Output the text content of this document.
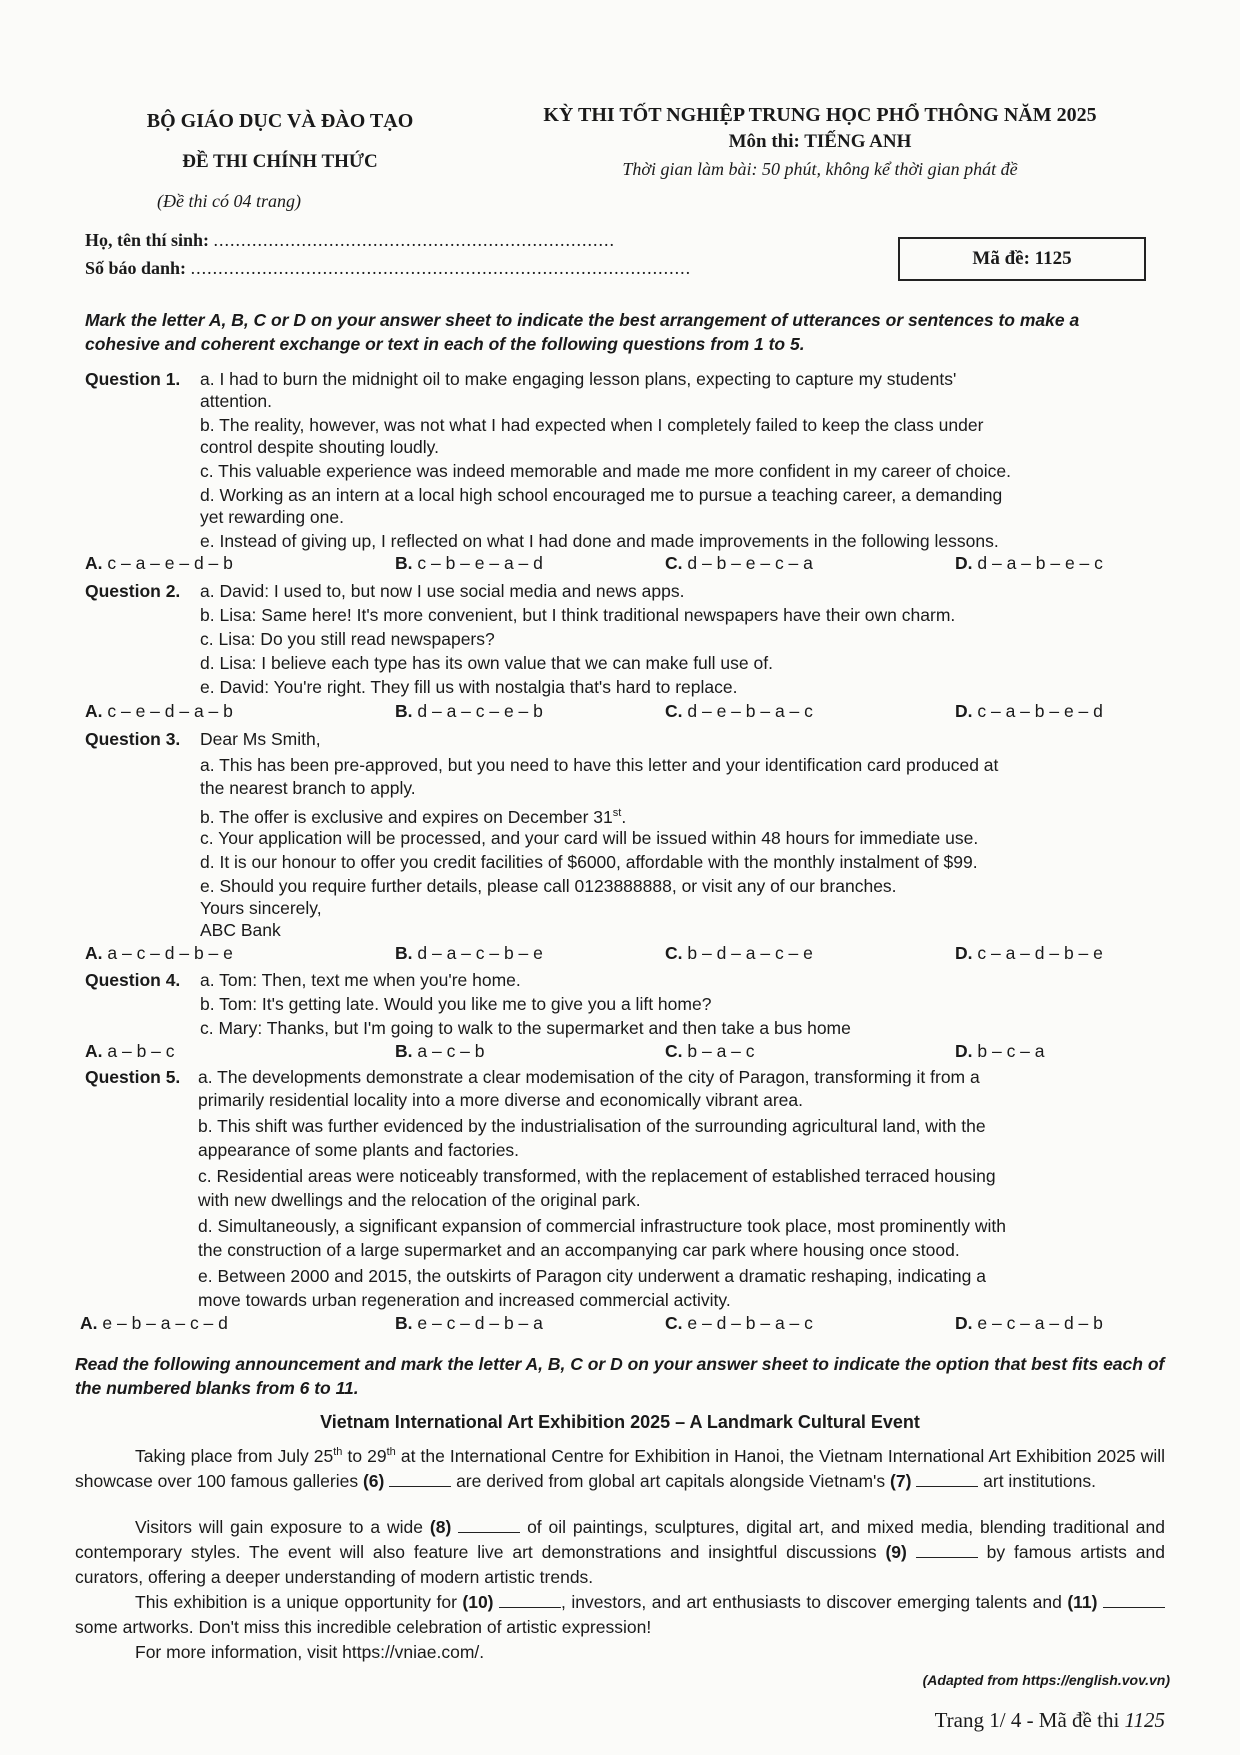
BỘ GIÁO DỤC VÀ ĐÀO TẠO
ĐỀ THI CHÍNH THỨC
(Đề thi có 04 trang)
KỲ THI TỐT NGHIỆP TRUNG HỌC PHỔ THÔNG NĂM 2025
Môn thi: TIẾNG ANH
Thời gian làm bài: 50 phút, không kể thời gian phát đề
Họ, tên thí sinh: .........................................................................
Số báo danh: ...........................................................................................	Mã đề: 1125
Mark the letter A, B, C or D on your answer sheet to indicate the best arrangement of utterances or sentences to make a cohesive and coherent exchange or text in each of the following questions from 1 to 5.
Question 1. a. I had to burn the midnight oil to make engaging lesson plans, expecting to capture my students'
attention.
b. The reality, however, was not what I had expected when I completely failed to keep the class under
control despite shouting loudly.
c. This valuable experience was indeed memorable and made me more confident in my career of choice.
d. Working as an intern at a local high school encouraged me to pursue a teaching career, a demanding
yet rewarding one.
e. Instead of giving up, I reflected on what I had done and made improvements in the following lessons.
A. c – a – e – d – b	B. c – b – e – a – d	C. d – b – e – c – a	D. d – a – b – e – c
Question 2. a. David: I used to, but now I use social media and news apps.
b. Lisa: Same here! It's more convenient, but I think traditional newspapers have their own charm.
c. Lisa: Do you still read newspapers?
d. Lisa: I believe each type has its own value that we can make full use of.
e. David: You're right. They fill us with nostalgia that's hard to replace.
A. c – e – d – a – b	B. d – a – c – e – b	C. d – e – b – a – c	D. c – a – b – e – d
Question 3. Dear Ms Smith,
a. This has been pre-approved, but you need to have this letter and your identification card produced at
the nearest branch to apply.
b. The offer is exclusive and expires on December 31st.
c. Your application will be processed, and your card will be issued within 48 hours for immediate use.
d. It is our honour to offer you credit facilities of $6000, affordable with the monthly instalment of $99.
e. Should you require further details, please call 0123888888, or visit any of our branches.
Yours sincerely,
ABC Bank
A. a – c – d – b – e	B. d – a – c – b – e	C. b – d – a – c – e	D. c – a – d – b – e
Question 4. a. Tom: Then, text me when you're home.
b. Tom: It's getting late. Would you like me to give you a lift home?
c. Mary: Thanks, but I'm going to walk to the supermarket and then take a bus home
A. a – b – c	B. a – c – b	C. b – a – c	D. b – c – a
Question 5. a. The developments demonstrate a clear modemisation of the city of Paragon, transforming it from a
primarily residential locality into a more diverse and economically vibrant area.
b. This shift was further evidenced by the industrialisation of the surrounding agricultural land, with the
appearance of some plants and factories.
c. Residential areas were noticeably transformed, with the replacement of established terraced housing
with new dwellings and the relocation of the original park.
d. Simultaneously, a significant expansion of commercial infrastructure took place, most prominently with
the construction of a large supermarket and an accompanying car park where housing once stood.
e. Between 2000 and 2015, the outskirts of Paragon city underwent a dramatic reshaping, indicating a
move towards urban regeneration and increased commercial activity.
A. e – b – a – c – d	B. e – c – d – b – a	C. e – d – b – a – c	D. e – c – a – d – b
Read the following announcement and mark the letter A, B, C or D on your answer sheet to indicate the option that best fits each of the numbered blanks from 6 to 11.
Vietnam International Art Exhibition 2025 – A Landmark Cultural Event
Taking place from July 25th to 29th at the International Centre for Exhibition in Hanoi, the Vietnam International Art Exhibition 2025 will showcase over 100 famous galleries (6)	are derived from global art capitals alongside Vietnam's (7)	art institutions.
Visitors will gain exposure to a wide (8)	of oil paintings, sculptures, digital art, and mixed media, blending traditional and contemporary styles. The event will also feature live art demonstrations and insightful discussions (9)	by famous artists and curators, offering a deeper understanding of modern artistic trends.
This exhibition is a unique opportunity for (10)	, investors, and art enthusiasts to discover emerging talents and (11)  some artworks. Don't miss this incredible celebration of artistic expression!
For more information, visit https://vniae.com/.
(Adapted from https://english.vov.vn)
Trang 1/ 4 - Mã đề thi 1125
